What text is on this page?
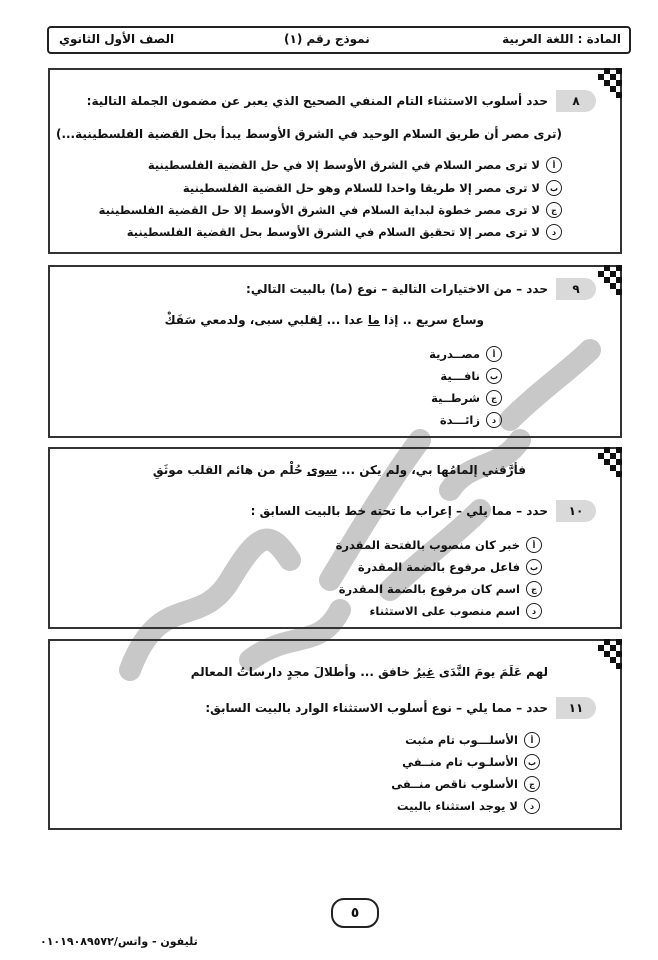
المادة : اللغة العربية
نموذج رقم (١)
الصف الأول الثانوي
٨
حدد أسلوب الاستثناء التام المنفي الصحيح الذي يعبر عن مضمون الجملة التالية:
(ترى مصر أن طريق السلام الوحيد في الشرق الأوسط يبدأ بحل القضية الفلسطينية...)
أ
لا ترى مصر السلام في الشرق الأوسط إلا في حل القضية الفلسطينية
ب
لا ترى مصر إلا طريقا واحدا للسلام وهو حل القضية الفلسطينية
ج
لا ترى مصر خطوة لبداية السلام في الشرق الأوسط إلا حل القضية الفلسطينية
د
لا ترى مصر إلا تحقيق السلام في الشرق الأوسط بحل القضية الفلسطينية
٩
حدد – من الاختيارات التالية – نوع (ما) بالبيت التالي:
وساع سريع .. إذا ما عدا ... لِقلبي سبى، ولدمعي سَفَكْ
أ
مصــدرية
ب
نافـــية
ج
شرطــية
د
زائـــدة
فأرَّقني إلمامُها بي، ولم يكن ... سوى حُلْم من هائم القلب موثَقِ
١٠
حدد – مما يلي – إعراب ما تحته خط بالبيت السابق :
أ
خبر كان منصوب بالفتحة المقدرة
ب
فاعل مرفوع بالضمة المقدرة
ج
اسم كان مرفوع بالضمة المقدرة
د
اسم منصوب على الاستثناء
لهم عَلَمَ يومَ النَّدَى غيرُ خافق ... وأطلالَ مجدٍ دارساتُ المعالم
١١
حدد – مما يلي – نوع أسلوب الاستثناء الوارد بالبيت السابق:
أ
الأسلـــوب تام مثبت
ب
الأسلـوب تام منــفي
ج
الأسلوب ناقص منــفى
د
لا يوجد استثناء بالبيت
٥
تليفون - واتس/٠١٠١٩٠٨٩٥٧٢
